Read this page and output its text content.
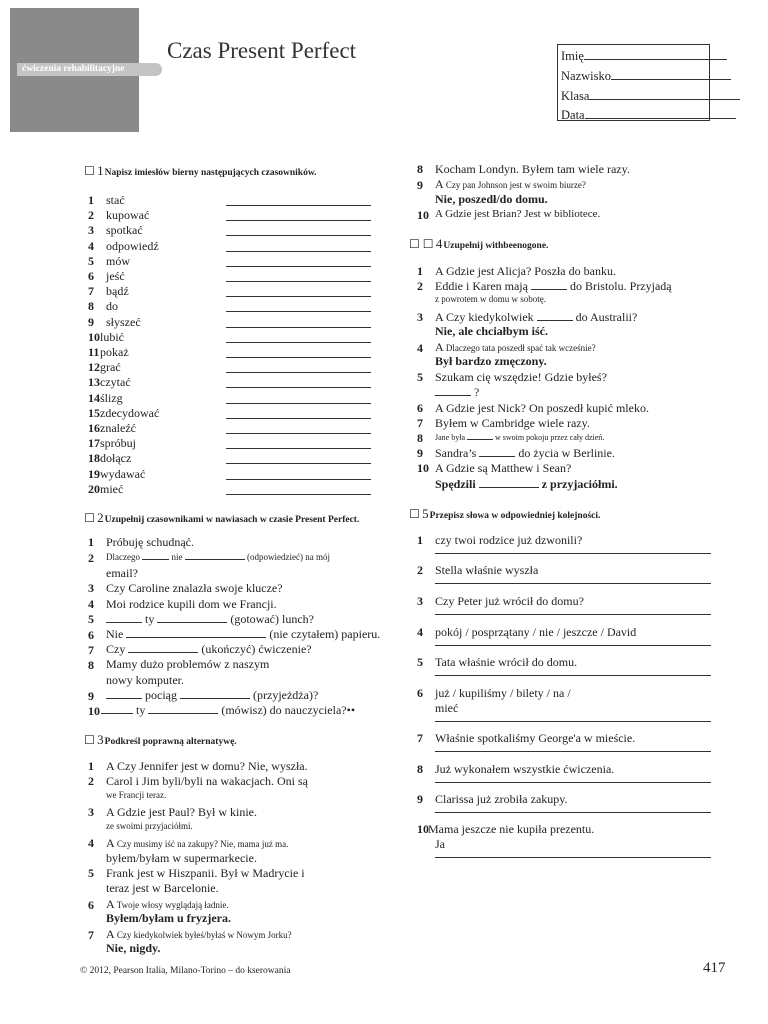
ćwiczenia rehabilitacyjne
Czas Present Perfect	Imię
Nazwisko
Klasa
Data
☐ 1Napisz imiesłów bierny następujących czasowników.
1	stać
2	kupować
3	spotkać
4	odpowiedź
5	mów
6	jeść
7	bądź
8	do
9	słyszeć
10 lubić
11 pokaż
12 grać
13 czytać
14 ślizg
15 zdecydować
16 znaleźć
17 spróbuj
18 dołącz
19 wydawać
20 mieć
☐ 2Uzupełnij czasownikami w nawiasach w czasie Present Perfect.
1	Próbuję schudnąć.
2	Dlaczego	nie	(odpowiedzieć) na mój
email?
3	Czy Caroline znalazła swoje klucze?
4	Moi rodzice kupili dom we Francji.
5	ty	(gotować) lunch?
6	Nie	(nie czytałem) papieru.
7	Czy	(ukończyć) ćwiczenie?
8	Mamy dużo problemów z naszym
nowy komputer.
9	pociąg	(przyjeżdża)?
10	ty	(mówisz) do nauczyciela?••
☐ 3Podkreśl poprawną alternatywę.
1	A Czy Jennifer jest w domu? Nie, wyszła.
2	Carol i Jim byli/byli na wakacjach. Oni są
we Francji teraz.
3	A Gdzie jest Paul? Był w kinie.
ze swoimi przyjaciółmi.
4	A Czy musimy iść na zakupy? Nie, mama już ma.
byłem/byłam w supermarkecie.
5	Frank jest w Hiszpanii. Był w Madrycie i
teraz jest w Barcelonie.
6	A Twoje włosy wyglądają ładnie.
Byłem/byłam u fryzjera.
7	A Czy kiedykolwiek byłeś/byłaś w Nowym Jorku?
Nie, nigdy.
8	Kocham Londyn. Byłem tam wiele razy.
9	A Czy pan Johnson jest w swoim biurze?
Nie, poszedł/do domu.
10 A Gdzie jest Brian? Jest w bibliotece.
☐ ☐ 4Uzupełnij withbeenogone.
1	A Gdzie jest Alicja? Poszła do banku.
2	Eddie i Karen mają	do Bristolu. Przyjadą
z powrotem w domu w sobotę.
3	A Czy kiedykolwiek	do Australii?
Nie, ale chciałbym iść.
4	A Dlaczego tata poszedł spać tak wcześnie?
Był bardzo zmęczony.
5	Szukam cię wszędzie! Gdzie byłeś?
?
6	A Gdzie jest Nick? On poszedł kupić mleko.
7	Byłem w Cambridge wiele razy.
8	Jane była	w swoim pokoju przez cały dzień.
9	Sandra’s	do życia w Berlinie.
10 A Gdzie są Matthew i Sean?
Spędzili	z przyjaciółmi.
☐ 5Przepisz słowa w odpowiedniej kolejności.
1	czy twoi rodzice już dzwonili?
2	Stella właśnie wyszła
3	Czy Peter już wrócił do domu?
4	pokój / posprzątany / nie / jeszcze / David
5	Tata właśnie wrócił do domu.
6	już / kupiliśmy / bilety / na /
mieć
7	Właśnie spotkaliśmy George'a w mieście.
8	Już wykonałem wszystkie ćwiczenia.
9	Clarissa już zrobiła zakupy.
10 Mama jeszcze nie kupiła prezentu.
Ja
© 2012, Pearson Italia, Milano-Torino – do kserowania	417
